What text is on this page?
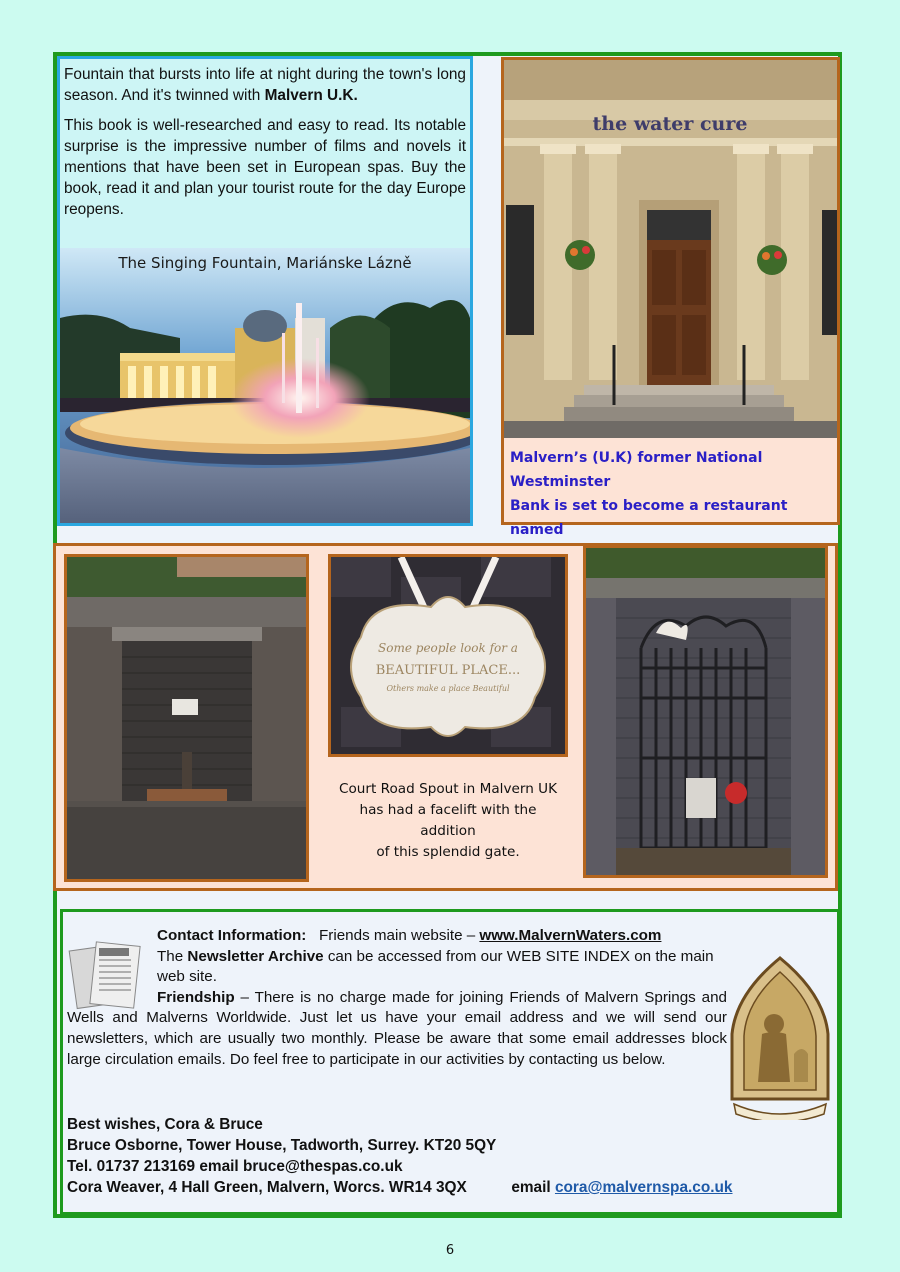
Fountain that bursts into life at night during the town's long season. And it's twinned with Malvern U.K.

This book is well-researched and easy to read. Its notable surprise is the impressive number of films and novels it mentions that have been set in European spas. Buy the book, read it and plan your tourist route for the day Europe reopens.

The Singing Fountain, Mariánske Lázně
the water cure
Malvern’s (U.K) former National Westminster
Bank is set to become a restaurant named
Some people look for a
BEAUTIFUL PLACE...
Others make a place Beautiful
Court Road Spout in Malvern UK
has had a facelift with the addition
of this splendid gate.
Contact Information: Friends main website – www.MalvernWaters.com
The Newsletter Archive can be accessed from our WEB SITE INDEX on the main web site.
Friendship – There is no charge made for joining Friends of Malvern Springs and Wells and Malverns Worldwide. Just let us have your email address and we will send our newsletters, which are usually two monthly. Please be aware that some email addresses block large circulation emails. Do feel free to participate in our activities by contacting us below.
Best wishes, Cora & Bruce
Bruce Osborne, Tower House, Tadworth, Surrey. KT20 5QY
Tel. 01737 213169 email bruce@thespas.co.uk
Cora Weaver, 4 Hall Green, Malvern, Worcs. WR14 3QX	email cora@malvernspa.co.uk
6
